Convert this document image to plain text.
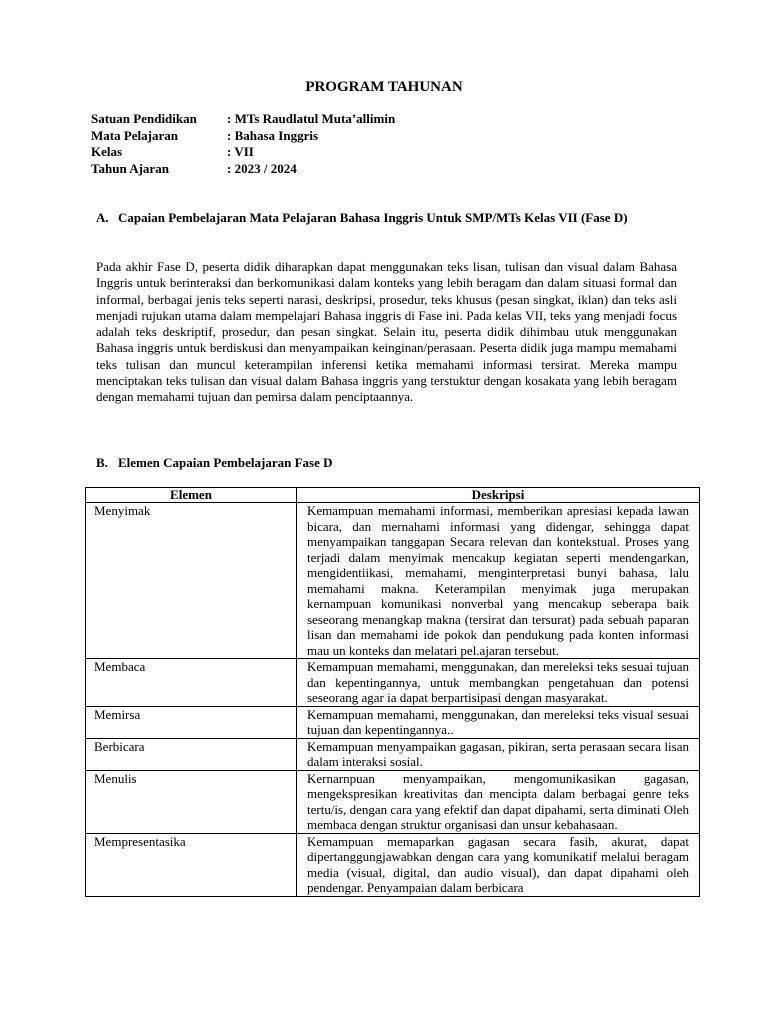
PROGRAM TAHUNAN
Satuan Pendidikan	: MTs Raudlatul Muta’allimin
Mata Pelajaran	: Bahasa Inggris
Kelas	: VII
Tahun Ajaran	: 2023 / 2024
A. Capaian Pembelajaran Mata Pelajaran Bahasa Inggris Untuk SMP/MTs Kelas VII (Fase D)

Pada akhir Fase D, peserta didik diharapkan dapat menggunakan teks lisan, tulisan dan visual dalam Bahasa Inggris untuk berinteraksi dan berkomunikasi dalam konteks yang lebih beragam dan dalam situasi formal dan informal, berbagai jenis teks seperti narasi, deskripsi, prosedur, teks khusus (pesan singkat, iklan) dan teks asli menjadi rujukan utama dalam mempelajari Bahasa inggris di Fase ini. Pada kelas VII, teks yang menjadi focus adalah teks deskriptif, prosedur, dan pesan singkat. Selain itu, peserta didik dihimbau utuk menggunakan Bahasa inggris untuk berdiskusi dan menyampaikan keinginan/perasaan. Peserta didik juga mampu memahami teks tulisan dan muncul keterampilan inferensi ketika memahami informasi tersirat. Mereka mampu menciptakan teks tulisan dan visual dalam Bahasa inggris yang terstuktur dengan kosakata yang lebih beragam dengan memahami tujuan dan pemirsa dalam penciptaannya.

B. Elemen Capaian Pembelajaran Fase D
Elemen	Deskripsi
Menyimak	Kemampuan memahami informasi, memberikan apresiasi kepada lawan bicara, dan mernahami informasi yang didengar, sehingga dapat menyampaikan tanggapan Secara relevan dan kontekstual. Proses yang terjadi dalam menyimak mencakup kegiatan seperti mendengarkan, mengidentiikasi, memahami, menginterpretasi bunyi bahasa, lalu memahami makna. Keterampilan menyimak juga merupakan kernampuan komunikasi nonverbal yang mencakup seberapa baik seseorang menangkap makna (tersirat dan tersurat) pada sebuah paparan lisan dan memahami ide pokok dan pendukung pada konten informasi mau un konteks dan melatari pel.ajaran tersebut.
Membaca	Kemampuan memahami, menggunakan, dan mereleksi teks sesuai tujuan dan kepentingannya, untuk membangkan pengetahuan dan potensi seseorang agar ia dapat berpartisipasi dengan masyarakat.
Memirsa	Kemampuan memahami, menggunakan, dan mereleksi teks visual sesuai tujuan dan kepentingannya..
Berbicara	Kemampuan menyampaikan gagasan, pikiran, serta perasaan secara lisan dalam interaksi sosial.
Menulis	Kernarnpuan menyampaikan, mengomunikasikan gagasan, mengekspresikan kreativitas dan mencipta dalam berbagai genre teks tertu/is, dengan cara yang efektif dan dapat dipahami, serta diminati Oleh membaca dengan struktur organisasi dan unsur kebahasaan.
Mempresentasika	Kemampuan memaparkan gagasan secara fasih, akurat, dapat dipertanggungjawabkan dengan cara yang komunikatif melalui beragam media (visual, digital, dan audio visual), dan dapat dipahami oleh pendengar. Penyampaian dalam berbicara
